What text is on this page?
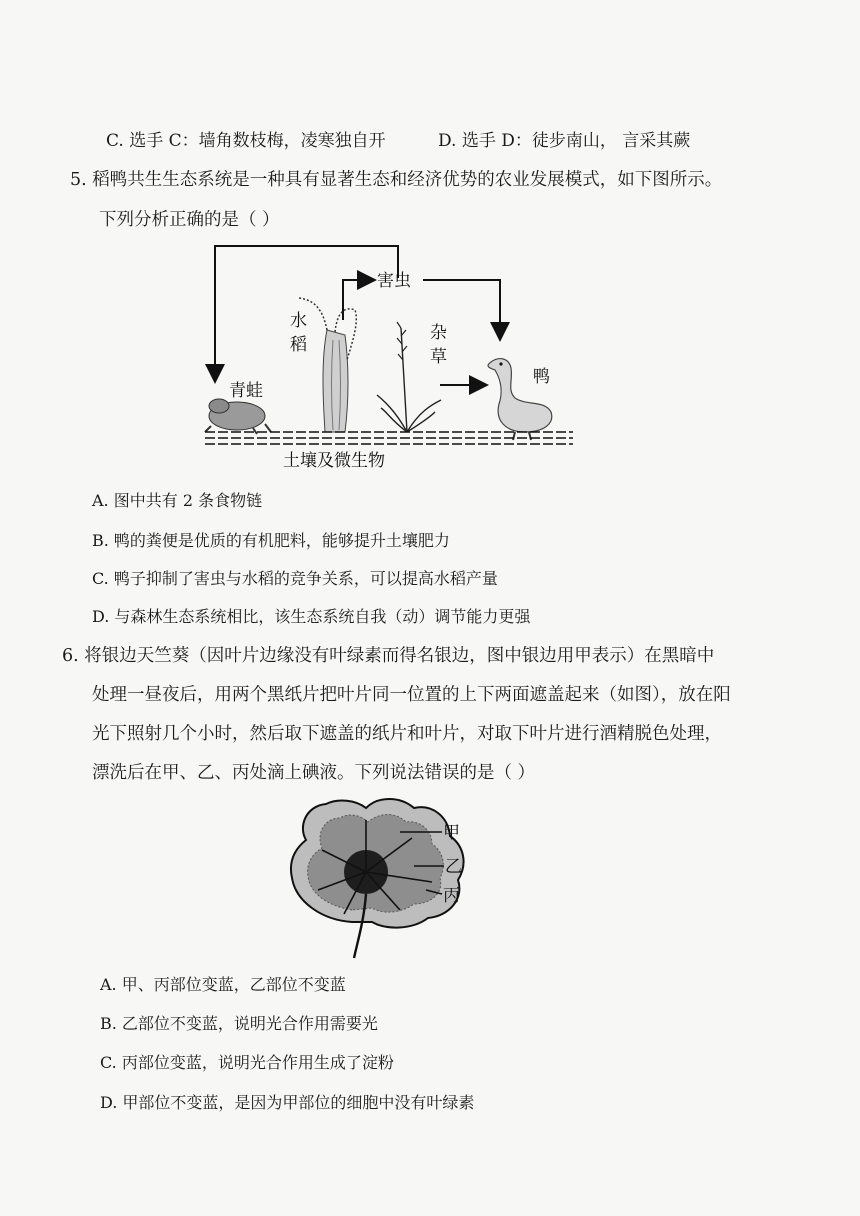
C. 选手 C：墙角数枝梅，凌寒独自开	D. 选手 D：徒步南山， 言采其蕨
5. 稻鸭共生生态系统是一种具有显著生态和经济优势的农业发展模式，如下图所示。
下列分析正确的是（ ）
害虫
水
稻
杂
草
青蛙
鸭
土壤及微生物
A. 图中共有 2 条食物链
B. 鸭的粪便是优质的有机肥料，能够提升土壤肥力
C. 鸭子抑制了害虫与水稻的竞争关系，可以提高水稻产量
D. 与森林生态系统相比，该生态系统自我（动）调节能力更强
6. 将银边天竺葵（因叶片边缘没有叶绿素而得名银边，图中银边用甲表示）在黑暗中
处理一昼夜后，用两个黑纸片把叶片同一位置的上下两面遮盖起来（如图），放在阳
光下照射几个小时，然后取下遮盖的纸片和叶片，对取下叶片进行酒精脱色处理，
漂洗后在甲、乙、丙处滴上碘液。下列说法错误的是（ ）
甲
乙
丙
A. 甲、丙部位变蓝，乙部位不变蓝
B. 乙部位不变蓝，说明光合作用需要光
C. 丙部位变蓝，说明光合作用生成了淀粉
D. 甲部位不变蓝，是因为甲部位的细胞中没有叶绿素
